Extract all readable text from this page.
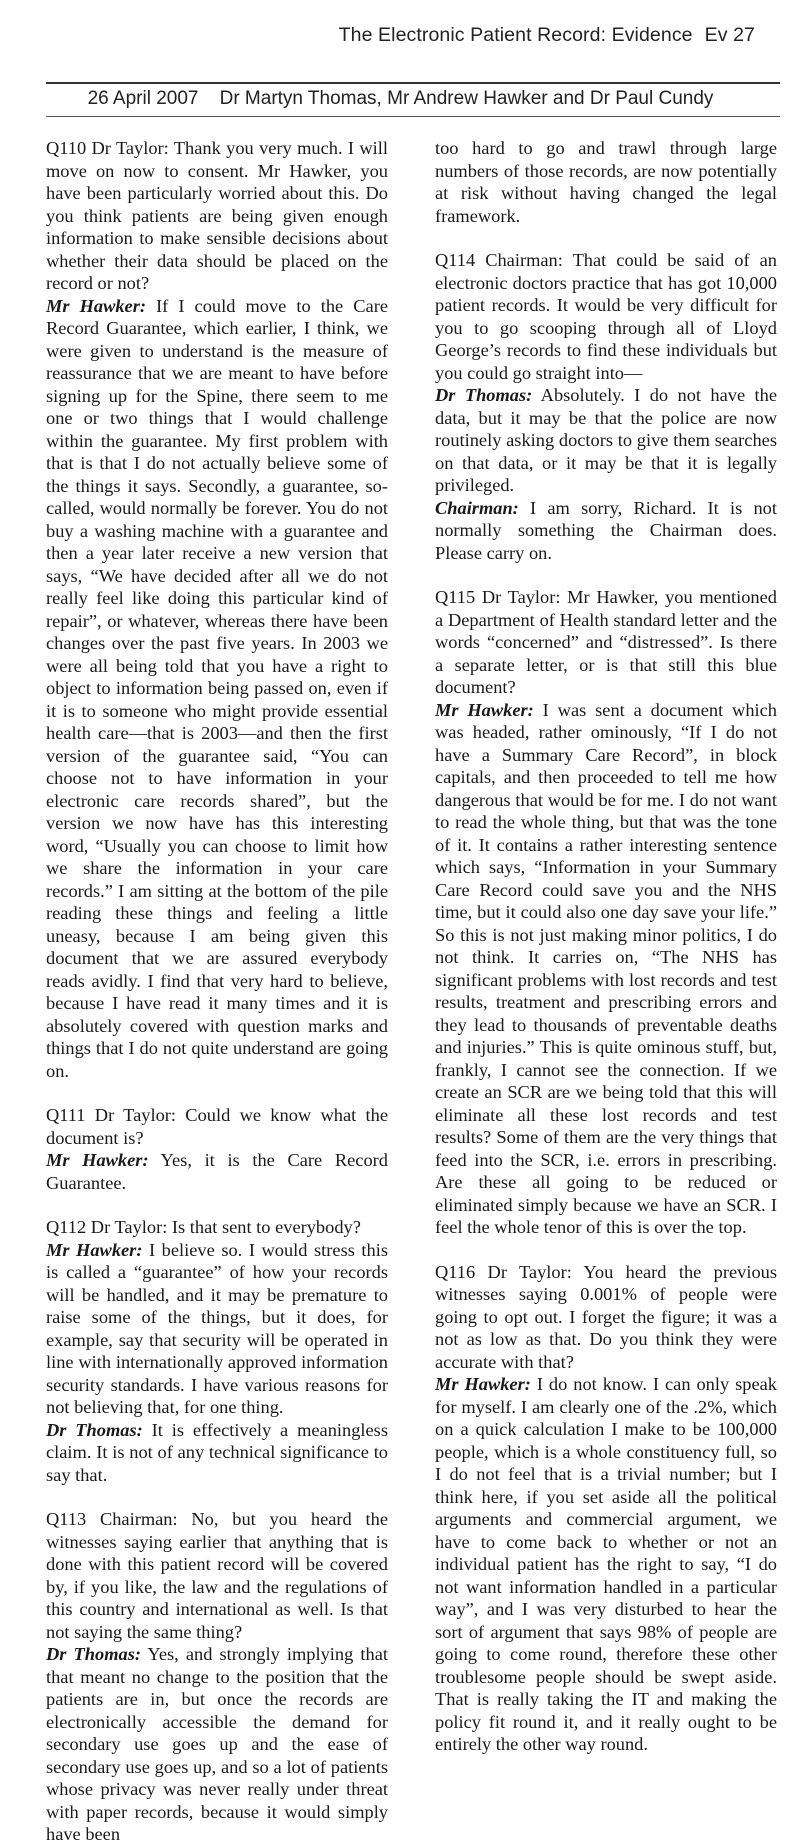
The Electronic Patient Record: Evidence Ev 27
26 April 2007    Dr Martyn Thomas, Mr Andrew Hawker and Dr Paul Cundy

Q110 Dr Taylor: Thank you very much. I will move on now to consent. Mr Hawker, you have been particularly worried about this. Do you think patients are being given enough information to make sensible decisions about whether their data should be placed on the record or not?

Mr Hawker: If I could move to the Care Record Guarantee, which earlier, I think, we were given to understand is the measure of reassurance that we are meant to have before signing up for the Spine, there seem to me one or two things that I would challenge within the guarantee. My first problem with that is that I do not actually believe some of the things it says. Secondly, a guarantee, so-called, would normally be forever. You do not buy a washing machine with a guarantee and then a year later receive a new version that says, “We have decided after all we do not really feel like doing this particular kind of repair”, or whatever, whereas there have been changes over the past five years. In 2003 we were all being told that you have a right to object to information being passed on, even if it is to someone who might provide essential health care—that is 2003—and then the first version of the guarantee said, “You can choose not to have information in your electronic care records shared”, but the version we now have has this interesting word, “Usually you can choose to limit how we share the information in your care records.” I am sitting at the bottom of the pile reading these things and feeling a little uneasy, because I am being given this document that we are assured everybody reads avidly. I find that very hard to believe, because I have read it many times and it is absolutely covered with question marks and things that I do not quite understand are going on.

Q111 Dr Taylor: Could we know what the document is?

Mr Hawker: Yes, it is the Care Record Guarantee.

Q112 Dr Taylor: Is that sent to everybody?

Mr Hawker: I believe so. I would stress this is called a “guarantee” of how your records will be handled, and it may be premature to raise some of the things, but it does, for example, say that security will be operated in line with internationally approved information security standards. I have various reasons for not believing that, for one thing.

Dr Thomas: It is effectively a meaningless claim. It is not of any technical significance to say that.

Q113 Chairman: No, but you heard the witnesses saying earlier that anything that is done with this patient record will be covered by, if you like, the law and the regulations of this country and international as well. Is that not saying the same thing?

Dr Thomas: Yes, and strongly implying that that meant no change to the position that the patients are in, but once the records are electronically accessible the demand for secondary use goes up and the ease of secondary use goes up, and so a lot of patients whose privacy was never really under threat with paper records, because it would simply have been

too hard to go and trawl through large numbers of those records, are now potentially at risk without having changed the legal framework.

Q114 Chairman: That could be said of an electronic doctors practice that has got 10,000 patient records. It would be very difficult for you to go scooping through all of Lloyd George’s records to find these individuals but you could go straight into—

Dr Thomas: Absolutely. I do not have the data, but it may be that the police are now routinely asking doctors to give them searches on that data, or it may be that it is legally privileged.

Chairman: I am sorry, Richard. It is not normally something the Chairman does. Please carry on.

Q115 Dr Taylor: Mr Hawker, you mentioned a Department of Health standard letter and the words “concerned” and “distressed”. Is there a separate letter, or is that still this blue document?

Mr Hawker: I was sent a document which was headed, rather ominously, “If I do not have a Summary Care Record”, in block capitals, and then proceeded to tell me how dangerous that would be for me. I do not want to read the whole thing, but that was the tone of it. It contains a rather interesting sentence which says, “Information in your Summary Care Record could save you and the NHS time, but it could also one day save your life.” So this is not just making minor politics, I do not think. It carries on, “The NHS has significant problems with lost records and test results, treatment and prescribing errors and they lead to thousands of preventable deaths and injuries.” This is quite ominous stuff, but, frankly, I cannot see the connection. If we create an SCR are we being told that this will eliminate all these lost records and test results? Some of them are the very things that feed into the SCR, i.e. errors in prescribing. Are these all going to be reduced or eliminated simply because we have an SCR. I feel the whole tenor of this is over the top.

Q116 Dr Taylor: You heard the previous witnesses saying 0.001% of people were going to opt out. I forget the figure; it was a not as low as that. Do you think they were accurate with that?

Mr Hawker: I do not know. I can only speak for myself. I am clearly one of the .2%, which on a quick calculation I make to be 100,000 people, which is a whole constituency full, so I do not feel that is a trivial number; but I think here, if you set aside all the political arguments and commercial argument, we have to come back to whether or not an individual patient has the right to say, “I do not want information handled in a particular way”, and I was very disturbed to hear the sort of argument that says 98% of people are going to come round, therefore these other troublesome people should be swept aside. That is really taking the IT and making the policy fit round it, and it really ought to be entirely the other way round.
